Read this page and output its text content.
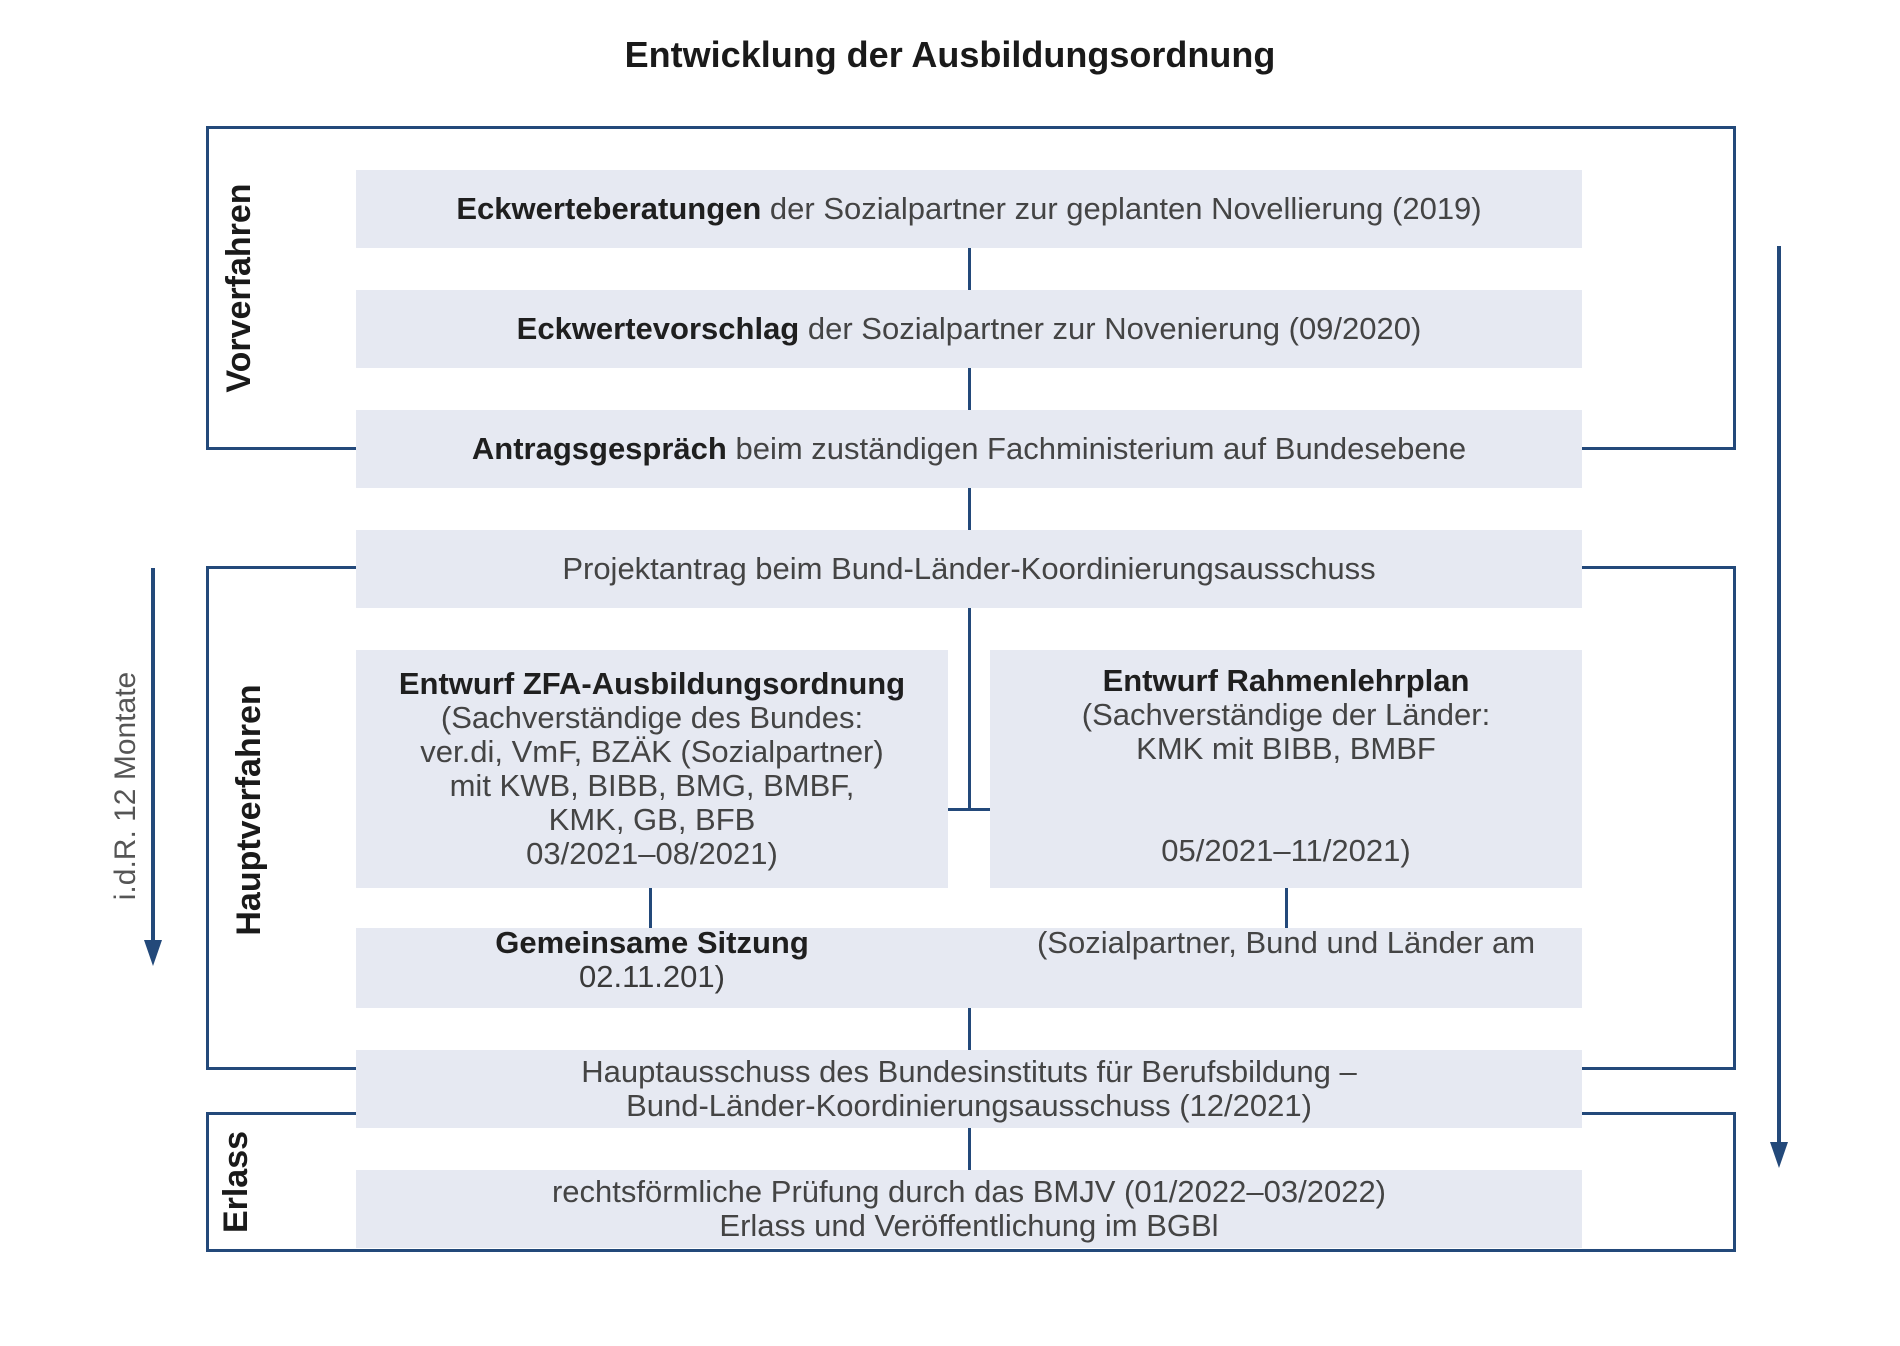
Entwicklung der Ausbildungsordnung
Vorverfahren
Hauptverfahren
Erlass
Eckwerteberatungen der Sozialpartner zur geplanten Novellierung (2019)
Eckwertevorschlag der Sozialpartner zur Novenierung (09/2020)
Antragsgespräch beim zuständigen Fachministerium auf Bundesebene
Projektantrag beim Bund-Länder-Koordinierungsausschuss
Entwurf ZFA-Ausbildungsordnung
(Sachverständige des Bundes:
ver.di, VmF, BZÄK (Sozialpartner)
mit KWB, BIBB, BMG, BMBF,
KMK, GB, BFB
03/2021–08/2021)
Entwurf Rahmenlehrplan
(Sachverständige der Länder:
KMK mit BIBB, BMBF
05/2021–11/2021)
Gemeinsame Sitzung
02.11.201)
(Sozialpartner, Bund und Länder am
Hauptausschuss des Bundesinstituts für Berufsbildung –
Bund-Länder-Koordinierungsausschuss (12/2021)
rechtsförmliche Prüfung durch das BMJV (01/2022–03/2022)
Erlass und Veröffentlichung im BGBl
i.d.R. 12 Montate
